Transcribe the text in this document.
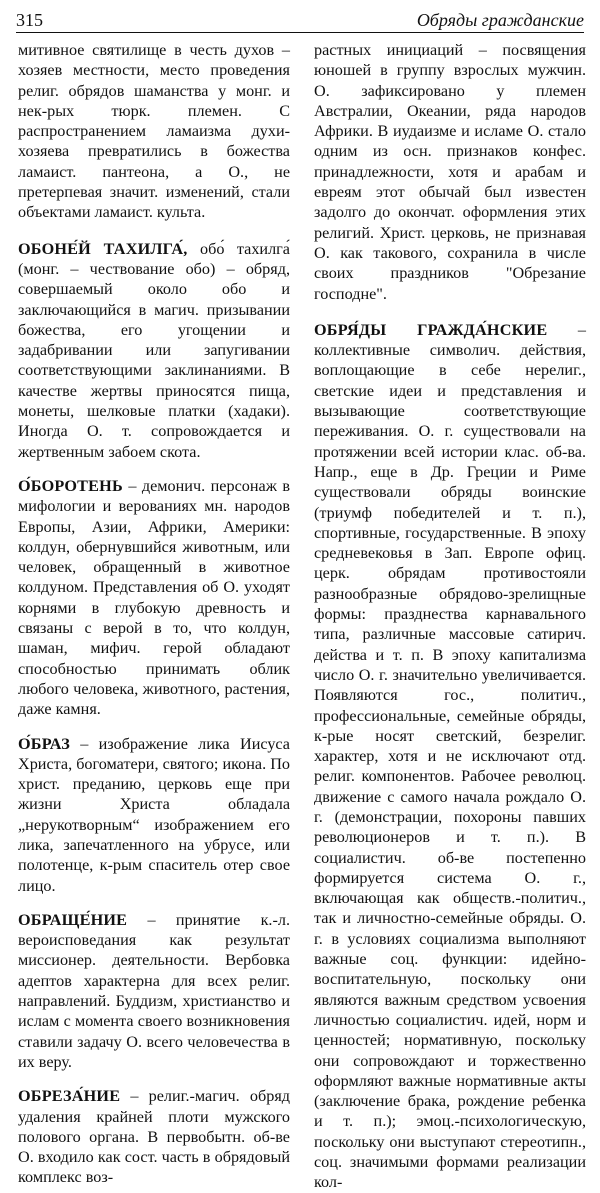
315	Обряды гражданские

митивное святилище в честь духов – хозяев местности, место проведения религ. обрядов шаманства у монг. и нек-рых тюрк. племен. С распространением ламаизма духи-хозяева превратились в божества ламаист. пантеона, а О., не претерпевая значит. изменений, стали объектами ламаист. культа.

ОБОНЕ́Й ТАХИЛГА́, обо́ тахилга́ (монг. – чествование обо) – обряд, совершаемый около обо и заключающийся в магич. призывании божества, его угощении и задабривании или запугивании соответствующими заклинаниями. В качестве жертвы приносятся пища, монеты, шелковые платки (хадаки). Иногда О. т. сопровождается и жертвенным забоем скота.

О́БОРОТЕНЬ – демонич. персонаж в мифологии и верованиях мн. народов Европы, Азии, Африки, Америки: колдун, обернувшийся животным, или человек, обращенный в животное колдуном. Представления об О. уходят корнями в глубокую древность и связаны с верой в то, что колдун, шаман, мифич. герой обладают способностью принимать облик любого человека, животного, растения, даже камня.

О́БРАЗ – изображение лика Иисуса Христа, богоматери, святого; икона. По христ. преданию, церковь еще при жизни Христа обладала „нерукотворным“ изображением его лика, запечатленного на убрусе, или полотенце, к-рым спаситель отер свое лицо.

ОБРАЩЕ́НИЕ – принятие к.-л. вероисповедания как результат миссионер. деятельности. Вербовка адептов характерна для всех религ. направлений. Буддизм, христианство и ислам с момента своего возникновения ставили задачу О. всего человечества в их веру.

ОБРЕЗА́НИЕ – религ.-магич. обряд удаления крайней плоти мужского полового органа. В первобытн. об-ве О. входило как сост. часть в обрядовый комплекс воз-

растных инициаций – посвящения юношей в группу взрослых мужчин. О. зафиксировано у племен Австралии, Океании, ряда народов Африки. В иудаизме и исламе О. стало одним из осн. признаков конфес. принадлежности, хотя и арабам и евреям этот обычай был известен задолго до окончат. оформления этих религий. Христ. церковь, не признавая О. как такового, сохранила в числе своих праздников "Обрезание господне".

ОБРЯ́ДЫ ГРАЖДА́НСКИЕ – коллективные символич. действия, воплощающие в себе нерелиг., светские идеи и представления и вызывающие соответствующие переживания. О. г. существовали на протяжении всей истории клас. об-ва. Напр., еще в Др. Греции и Риме существовали обряды воинские (триумф победителей и т. п.), спортивные, государственные. В эпоху средневековья в Зап. Европе офиц. церк. обрядам противостояли разнообразные обрядово-зрелищные формы: празднества карнавального типа, различные массовые сатирич. действа и т. п. В эпоху капитализма число О. г. значительно увеличивается. Появляются гос., политич., профессиональные, семейные обряды, к-рые носят светский, безрелиг. характер, хотя и не исключают отд. религ. компонентов. Рабочее революц. движение с самого начала рождало О. г. (демонстрации, похороны павших революционеров и т. п.). В социалистич. об-ве постепенно формируется система О. г., включающая как обществ.-политич., так и личностно-семейные обряды. О. г. в условиях социализма выполняют важные соц. функции: идейно-воспитательную, поскольку они являются важным средством усвоения личностью социалистич. идей, норм и ценностей; нормативную, поскольку они сопровождают и торжественно оформляют важные нормативные акты (заключение брака, рождение ребенка и т. п.); эмоц.-психологическую, поскольку они выступают стереотипн., соц. значимыми формами реализации кол-
